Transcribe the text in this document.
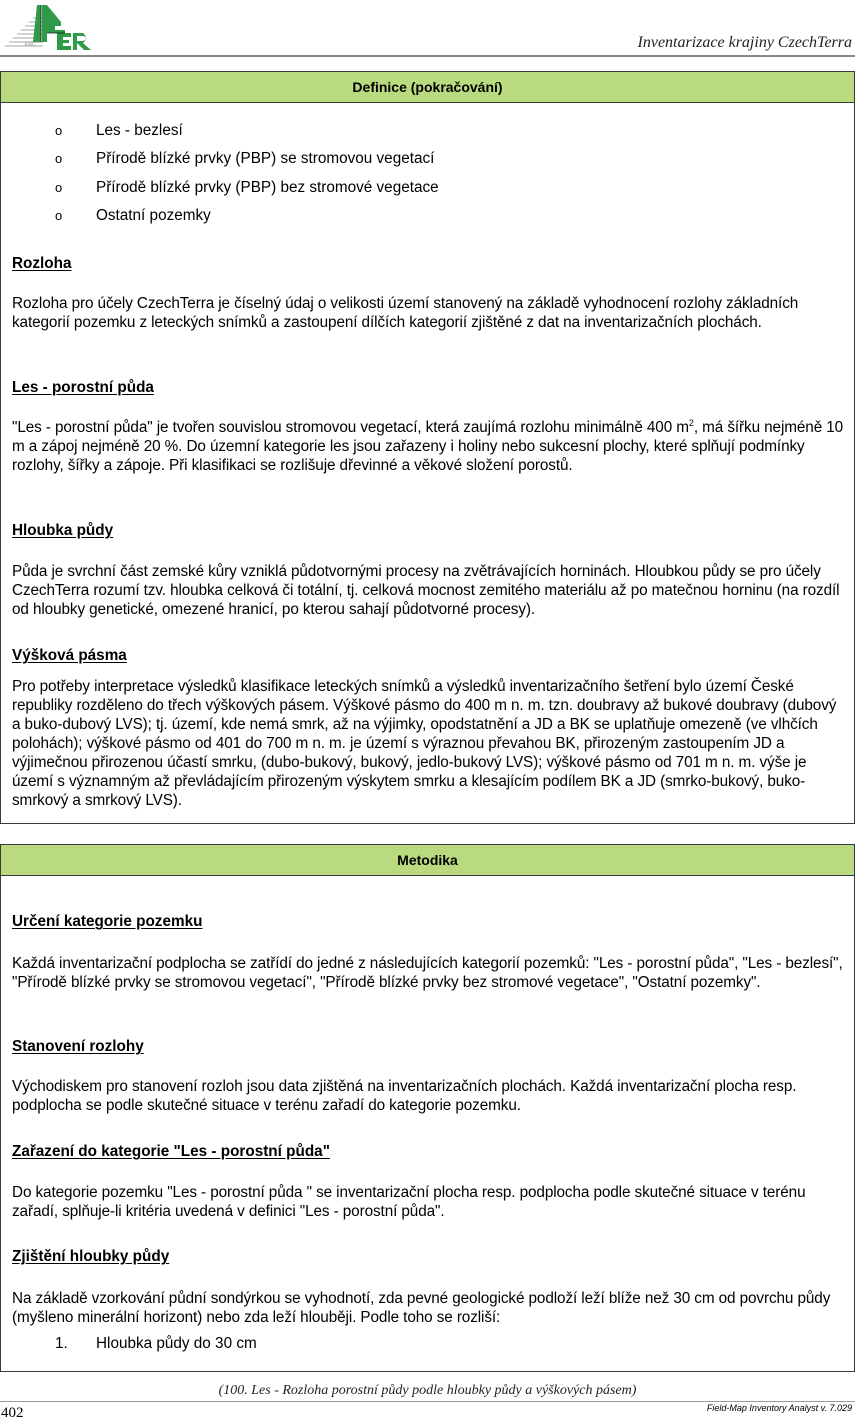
ERC	Inventarizace krajiny CzechTerra
Definice (pokračování)
o Les - bezlesí
o Přírodě blízké prvky (PBP) se stromovou vegetací
o Přírodě blízké prvky (PBP) bez stromové vegetace
o Ostatní pozemky
Rozloha
Rozloha pro účely CzechTerra je číselný údaj o velikosti území stanovený na základě vyhodnocení rozlohy základních kategorií pozemku z leteckých snímků a zastoupení dílčích kategorií zjištěné z dat na inventarizačních plochách.
Les - porostní půda
"Les - porostní půda" je tvořen souvislou stromovou vegetací, která zaujímá rozlohu minimálně 400 $m^2$, má šířku nejméně 10 m a zápoj nejméně 20 %. Do územní kategorie les jsou zařazeny i holiny nebo sukcesní plochy, které splňují podmínky rozlohy, šířky a zápoje. Při klasifikaci se rozlišuje dřevinné a věkové složení porostů.
Hloubka půdy
Půda je svrchní část zemské kůry vzniklá půdotvornými procesy na zvětrávajících horninách. Hloubkou půdy se pro účely CzechTerra rozumí tzv. hloubka celková či totální, tj. celková mocnost zemitého materiálu až po matečnou horninu (na rozdíl od hloubky genetické, omezené hranicí, po kterou sahají půdotvorné procesy).
Výšková pásma
Pro potřeby interpretace výsledků klasifikace leteckých snímků a výsledků inventarizačního šetření bylo území České republiky rozděleno do třech výškových pásem. Výškové pásmo do 400 m n. m. tzn. doubravy až bukové doubravy (dubový a buko-dubový LVS); tj. území, kde nemá smrk, až na výjimky, opodstatnění a JD a BK se uplatňuje omezeně (ve vlhčích polohách); výškové pásmo od 401 do 700 m n. m. je území s výraznou převahou BK, přirozeným zastoupením JD a výjimečnou přirozenou účastí smrku, (dubo-bukový, bukový, jedlo-bukový LVS); výškové pásmo od 701 m n. m. výše je území s významným až převládajícím přirozeným výskytem smrku a klesajícím podílem BK a JD (smrko-bukový, buko-smrkový a smrkový LVS).
Metodika
Určení kategorie pozemku
Každá inventarizační podplocha se zatřídí do jedné z následujících kategorií pozemků: "Les - porostní půda", "Les - bezlesí", "Přírodě blízké prvky se stromovou vegetací", "Přírodě blízké prvky bez stromové vegetace", "Ostatní pozemky".
Stanovení rozlohy
Východiskem pro stanovení rozloh jsou data zjištěná na inventarizačních plochách. Každá inventarizační plocha resp. podplocha se podle skutečné situace v terénu zařadí do kategorie pozemku.
Zařazení do kategorie "Les - porostní půda"
Do kategorie pozemku "Les - porostní půda " se inventarizační plocha resp. podplocha podle skutečné situace v terénu zařadí, splňuje-li kritéria uvedená v definici "Les - porostní půda".
Zjištění hloubky půdy
Na základě vzorkování půdní sondýrkou se vyhodnotí, zda pevné geologické podloží leží blíže než 30 cm od povrchu půdy (myšleno minerální horizont) nebo zda leží hlouběji. Podle toho se rozliší:
1. Hloubka půdy do 30 cm
(100. Les - Rozloha porostní půdy podle hloubky půdy a výškových pásem)
402	Field-Map Inventory Analyst v. 7.029
